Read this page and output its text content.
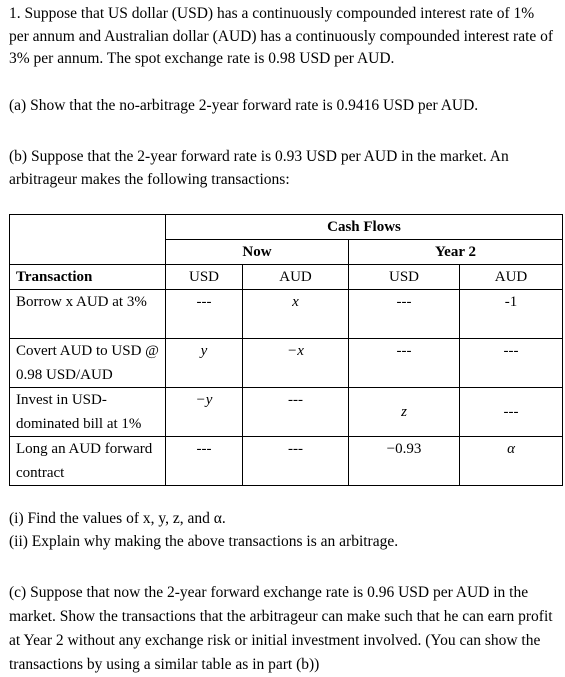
1. Suppose that US dollar (USD) has a continuously compounded interest rate of 1% per annum and Australian dollar (AUD) has a continuously compounded interest rate of 3% per annum. The spot exchange rate is 0.98 USD per AUD.

(a) Show that the no-arbitrage 2-year forward rate is 0.9416 USD per AUD.

(b) Suppose that the 2-year forward rate is 0.93 USD per AUD in the market. An arbitrageur makes the following transactions:

	Cash Flows			
	Now		Year 2	
Transaction	USD	AUD	USD	AUD
Borrow x AUD at 3%	---	x	---	-1
Covert AUD to USD @ 0.98 USD/AUD	y	−x	---	---
Invest in USD-dominated bill at 1%	−y	---	z	---
Long an AUD forward contract	---	---	−0.93	α

(i) Find the values of x, y, z, and α.

(ii) Explain why making the above transactions is an arbitrage.

(c) Suppose that now the 2-year forward exchange rate is 0.96 USD per AUD in the market. Show the transactions that the arbitrageur can make such that he can earn profit at Year 2 without any exchange risk or initial investment involved. (You can show the transactions by using a similar table as in part (b))
